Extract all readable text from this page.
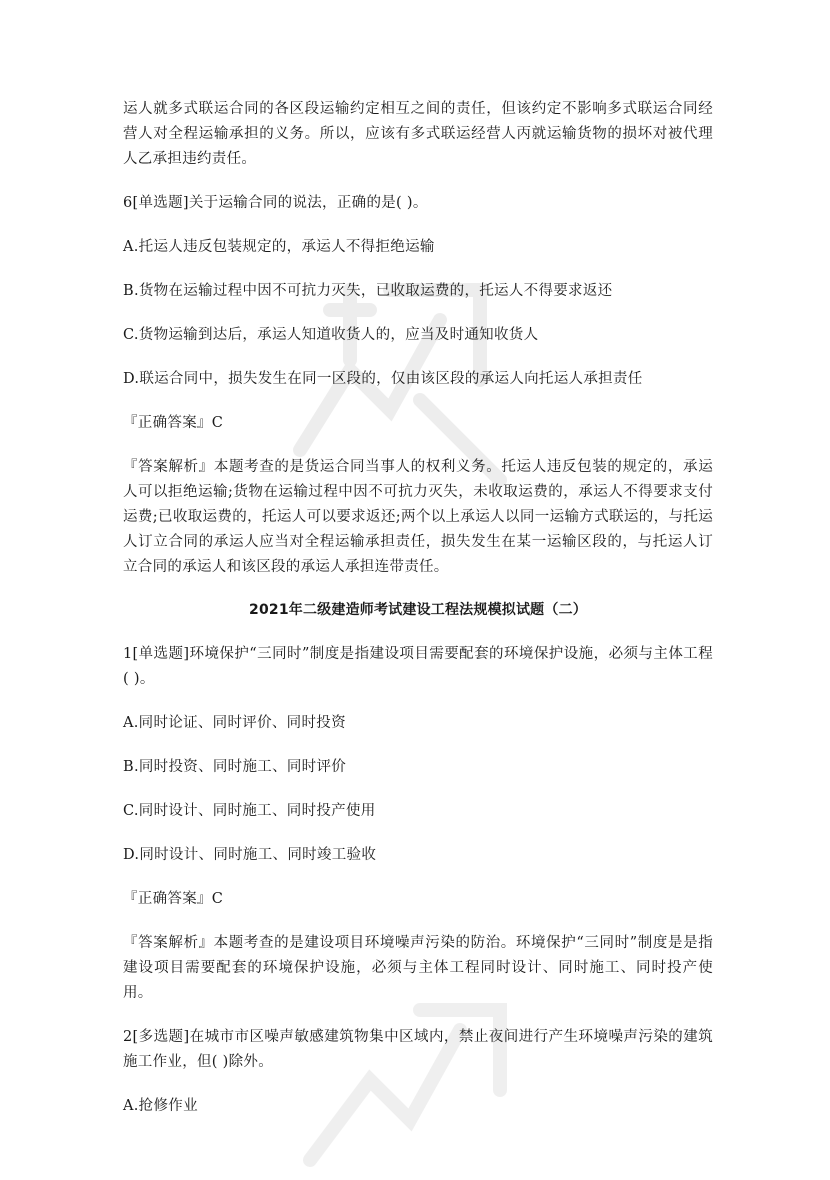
运人就多式联运合同的各区段运输约定相互之间的责任，但该约定不影响多式联运合同经营人对全程运输承担的义务。所以，应该有多式联运经营人丙就运输货物的损坏对被代理人乙承担违约责任。

6[单选题]关于运输合同的说法，正确的是( )。

A.托运人违反包装规定的，承运人不得拒绝运输

B.货物在运输过程中因不可抗力灭失，已收取运费的，托运人不得要求返还

C.货物运输到达后，承运人知道收货人的，应当及时通知收货人

D.联运合同中，损失发生在同一区段的，仅由该区段的承运人向托运人承担责任

『正确答案』C

『答案解析』本题考查的是货运合同当事人的权利义务。托运人违反包装的规定的，承运人可以拒绝运输;货物在运输过程中因不可抗力灭失，未收取运费的，承运人不得要求支付运费;已收取运费的，托运人可以要求返还;两个以上承运人以同一运输方式联运的，与托运人订立合同的承运人应当对全程运输承担责任，损失发生在某一运输区段的，与托运人订立合同的承运人和该区段的承运人承担连带责任。

2021年二级建造师考试建设工程法规模拟试题（二）

1[单选题]环境保护“三同时”制度是指建设项目需要配套的环境保护设施，必须与主体工程( )。

A.同时论证、同时评价、同时投资

B.同时投资、同时施工、同时评价

C.同时设计、同时施工、同时投产使用

D.同时设计、同时施工、同时竣工验收

『正确答案』C

『答案解析』本题考查的是建设项目环境噪声污染的防治。环境保护“三同时”制度是是指建设项目需要配套的环境保护设施，必须与主体工程同时设计、同时施工、同时投产使用。

2[多选题]在城市市区噪声敏感建筑物集中区域内，禁止夜间进行产生环境噪声污染的建筑施工作业，但( )除外。

A.抢修作业
